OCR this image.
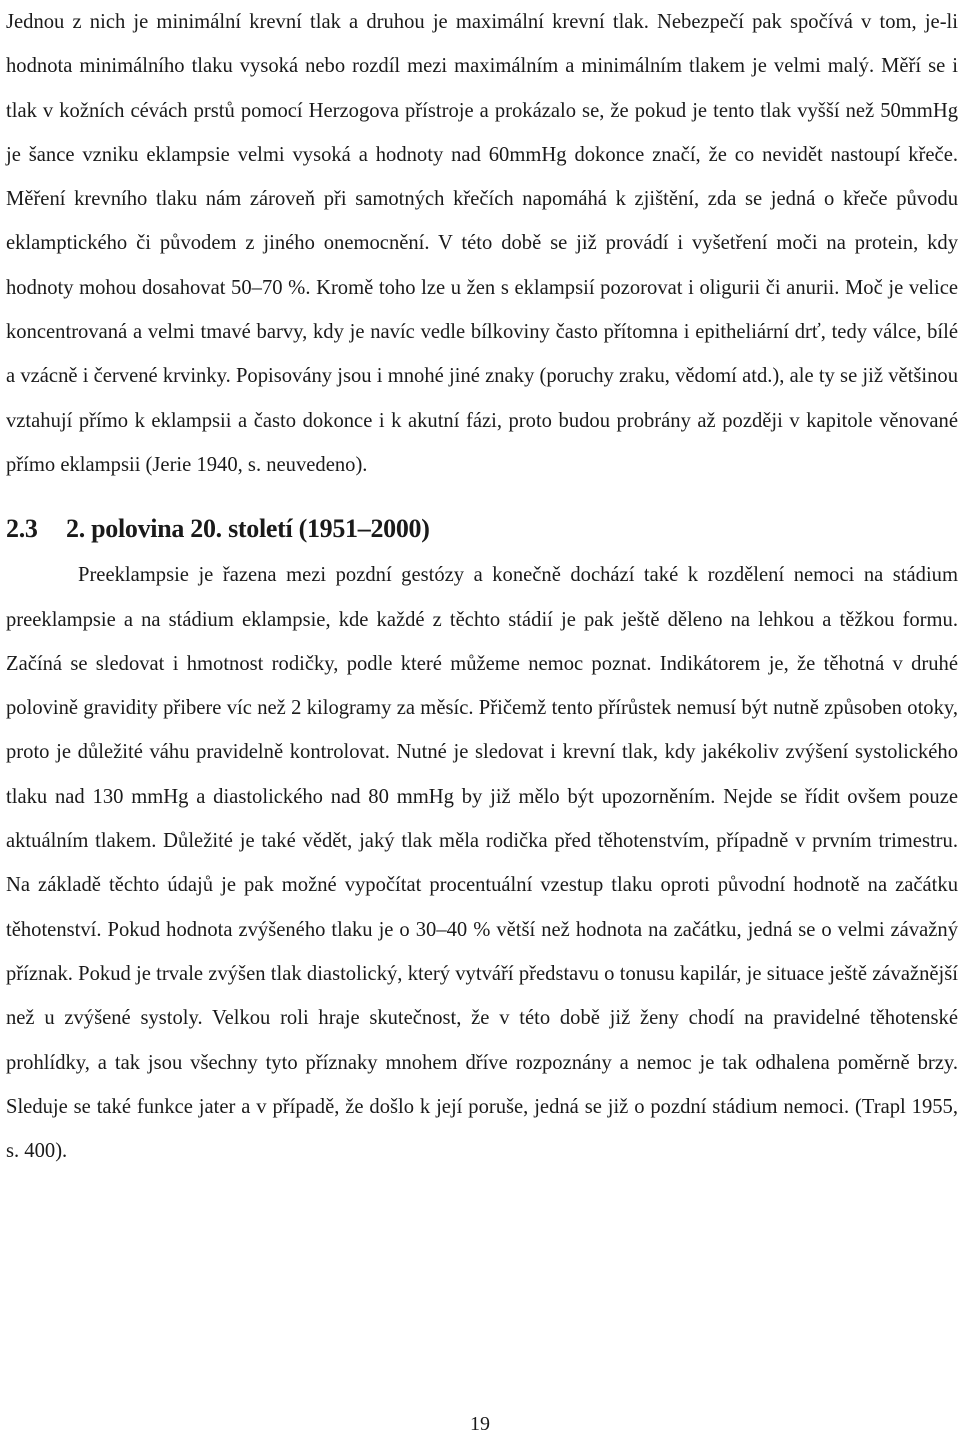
Jednou z nich je minimální krevní tlak a druhou je maximální krevní tlak. Nebezpečí pak spočívá v tom, je-li hodnota minimálního tlaku vysoká nebo rozdíl mezi maximálním a minimálním tlakem je velmi malý. Měří se i tlak v kožních cévách prstů pomocí Herzogova přístroje a prokázalo se, že pokud je tento tlak vyšší než 50mmHg je šance vzniku eklampsie velmi vysoká a hodnoty nad 60mmHg dokonce značí, že co nevidět nastoupí křeče. Měření krevního tlaku nám zároveň při samotných křečích napomáhá k zjištění, zda se jedná o křeče původu eklamptického či původem z jiného onemocnění. V této době se již provádí i vyšetření moči na protein, kdy hodnoty mohou dosahovat 50–70 %. Kromě toho lze u žen s eklampsií pozorovat i oligurii či anurii. Moč je velice koncentrovaná a velmi tmavé barvy, kdy je navíc vedle bílkoviny často přítomna i epitheliární drť, tedy válce, bílé a vzácně i červené krvinky. Popisovány jsou i mnohé jiné znaky (poruchy zraku, vědomí atd.), ale ty se již většinou vztahují přímo k eklampsii a často dokonce i k akutní fázi, proto budou probrány až později v kapitole věnované přímo eklampsii (Jerie 1940, s. neuvedeno).

2.3 2. polovina 20. století (1951–2000)

Preeklampsie je řazena mezi pozdní gestózy a konečně dochází také k rozdělení nemoci na stádium preeklampsie a na stádium eklampsie, kde každé z těchto stádií je pak ještě děleno na lehkou a těžkou formu. Začíná se sledovat i hmotnost rodičky, podle které můžeme nemoc poznat. Indikátorem je, že těhotná v druhé polovině gravidity přibere víc než 2 kilogramy za měsíc. Přičemž tento přírůstek nemusí být nutně způsoben otoky, proto je důležité váhu pravidelně kontrolovat. Nutné je sledovat i krevní tlak, kdy jakékoliv zvýšení systolického tlaku nad 130 mmHg a diastolického nad 80 mmHg by již mělo být upozorněním. Nejde se řídit ovšem pouze aktuálním tlakem. Důležité je také vědět, jaký tlak měla rodička před těhotenstvím, případně v prvním trimestru. Na základě těchto údajů je pak možné vypočítat procentuální vzestup tlaku oproti původní hodnotě na začátku těhotenství. Pokud hodnota zvýšeného tlaku je o 30–40 % větší než hodnota na začátku, jedná se o velmi závažný příznak. Pokud je trvale zvýšen tlak diastolický, který vytváří představu o tonusu kapilár, je situace ještě závažnější než u zvýšené systoly. Velkou roli hraje skutečnost, že v této době již ženy chodí na pravidelné těhotenské prohlídky, a tak jsou všechny tyto příznaky mnohem dříve rozpoznány a nemoc je tak odhalena poměrně brzy. Sleduje se také funkce jater a v případě, že došlo k její poruše, jedná se již o pozdní stádium nemoci. (Trapl 1955, s. 400).

19
